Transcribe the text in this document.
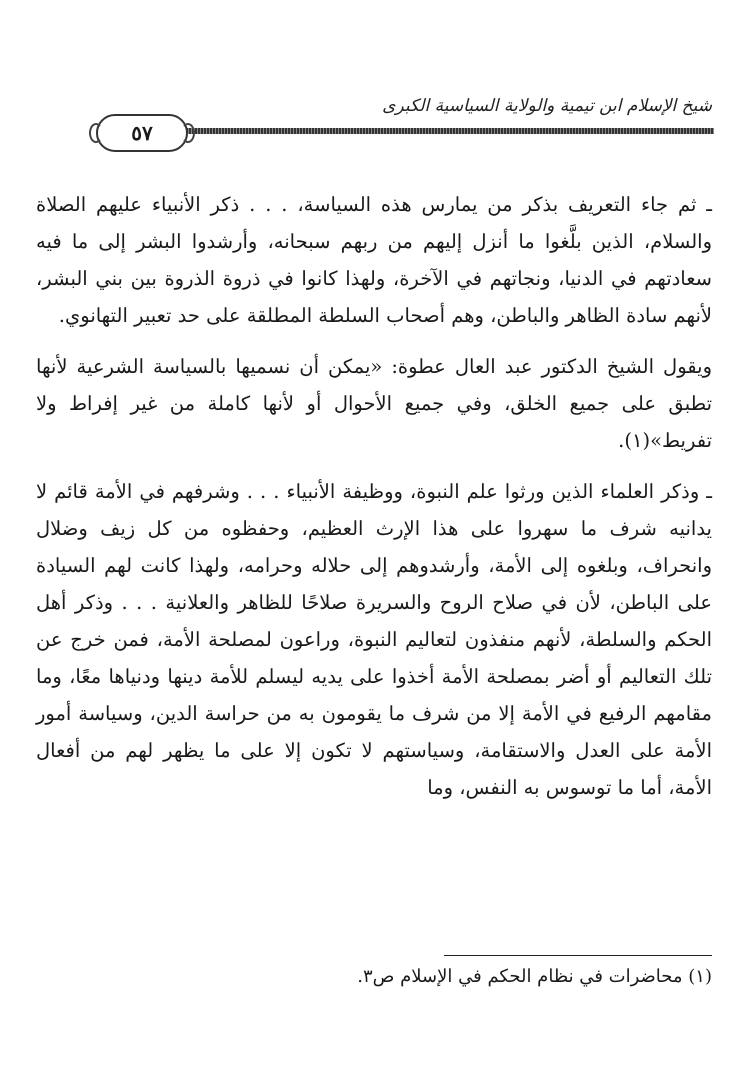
شيخ الإسلام ابن تيمية والولاية السياسية الكبرى
٥٧

ـ ثم جاء التعريف بذكر من يمارس هذه السياسة، . . . ذكر الأنبياء عليهم الصلاة والسلام، الذين بلَّغوا ما أنزل إليهم من ربهم سبحانه، وأرشدوا البشر إلى ما فيه سعادتهم في الدنيا، ونجاتهم في الآخرة، ولهذا كانوا في ذروة الذروة بين بني البشر، لأنهم سادة الظاهر والباطن، وهم أصحاب السلطة المطلقة على حد تعبير التهانوي.

ويقول الشيخ الدكتور عبد العال عطوة: «يمكن أن نسميها بالسياسة الشرعية لأنها تطبق على جميع الخلق، وفي جميع الأحوال أو لأنها كاملة من غير إفراط ولا تفريط»(١).

ـ وذكر العلماء الذين ورثوا علم النبوة، ووظيفة الأنبياء . . . وشرفهم في الأمة قائم لا يدانيه شرف ما سهروا على هذا الإرث العظيم، وحفظوه من كل زيف وضلال وانحراف، وبلغوه إلى الأمة، وأرشدوهم إلى حلاله وحرامه، ولهذا كانت لهم السيادة على الباطن، لأن في صلاح الروح والسريرة صلاحًا للظاهر والعلانية . . . وذكر أهل الحكم والسلطة، لأنهم منفذون لتعاليم النبوة، وراعون لمصلحة الأمة، فمن خرج عن تلك التعاليم أو أضر بمصلحة الأمة أخذوا على يديه ليسلم للأمة دينها ودنياها معًا، وما مقامهم الرفيع في الأمة إلا من شرف ما يقومون به من حراسة الدين، وسياسة أمور الأمة على العدل والاستقامة، وسياستهم لا تكون إلا على ما يظهر لهم من أفعال الأمة، أما ما توسوس به النفس، وما

(١) محاضرات في نظام الحكم في الإسلام ص٣.
